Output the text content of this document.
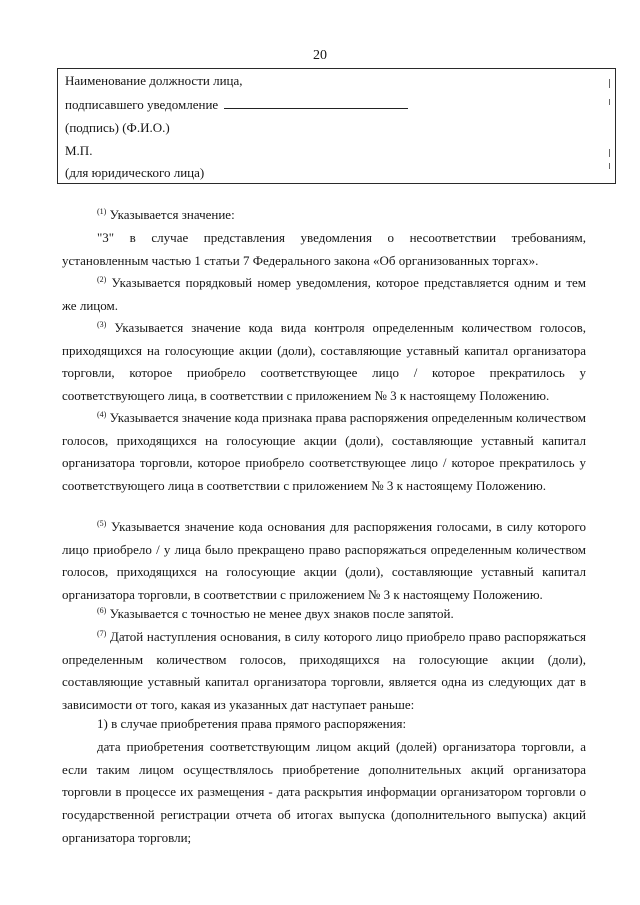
20
Наименование должности лица,
подписавшего уведомление
(подпись) (Ф.И.О.)
М.П.
(для юридического лица)
$^{(1)}$ Указывается значение:
"3" в случае представления уведомления о несоответствии требованиям, установленным частью 1 статьи 7 Федерального закона «Об организованных торгах».
$^{(2)}$ Указывается порядковый номер уведомления, которое представляется одним и тем же лицом.
$^{(3)}$ Указывается значение кода вида контроля определенным количеством голосов, приходящихся на голосующие акции (доли), составляющие уставный капитал организатора торговли, которое приобрело соответствующее лицо / которое прекратилось у соответствующего лица, в соответствии с приложением № 3 к настоящему Положению.
$^{(4)}$ Указывается значение кода признака права распоряжения определенным количеством голосов, приходящихся на голосующие акции (доли), составляющие уставный капитал организатора торговли, которое приобрело соответствующее лицо / которое прекратилось у соответствующего лица в соответствии с приложением № 3 к настоящему Положению.
$^{(5)}$ Указывается значение кода основания для распоряжения голосами, в силу которого лицо приобрело / у лица было прекращено право распоряжаться определенным количеством голосов, приходящихся на голосующие акции (доли), составляющие уставный капитал организатора торговли, в соответствии с приложением № 3 к настоящему Положению.
$^{(6)}$ Указывается с точностью не менее двух знаков после запятой.
$^{(7)}$ Датой наступления основания, в силу которого лицо приобрело право распоряжаться определенным количеством голосов, приходящихся на голосующие акции (доли), составляющие уставный капитал организатора торговли, является одна из следующих дат в зависимости от того, какая из указанных дат наступает раньше:
1) в случае приобретения права прямого распоряжения:
дата приобретения соответствующим лицом акций (долей) организатора торговли, а если таким лицом осуществлялось приобретение дополнительных акций организатора торговли в процессе их размещения - дата раскрытия информации организатором торговли о государственной регистрации отчета об итогах выпуска (дополнительного выпуска) акций организатора торговли;
